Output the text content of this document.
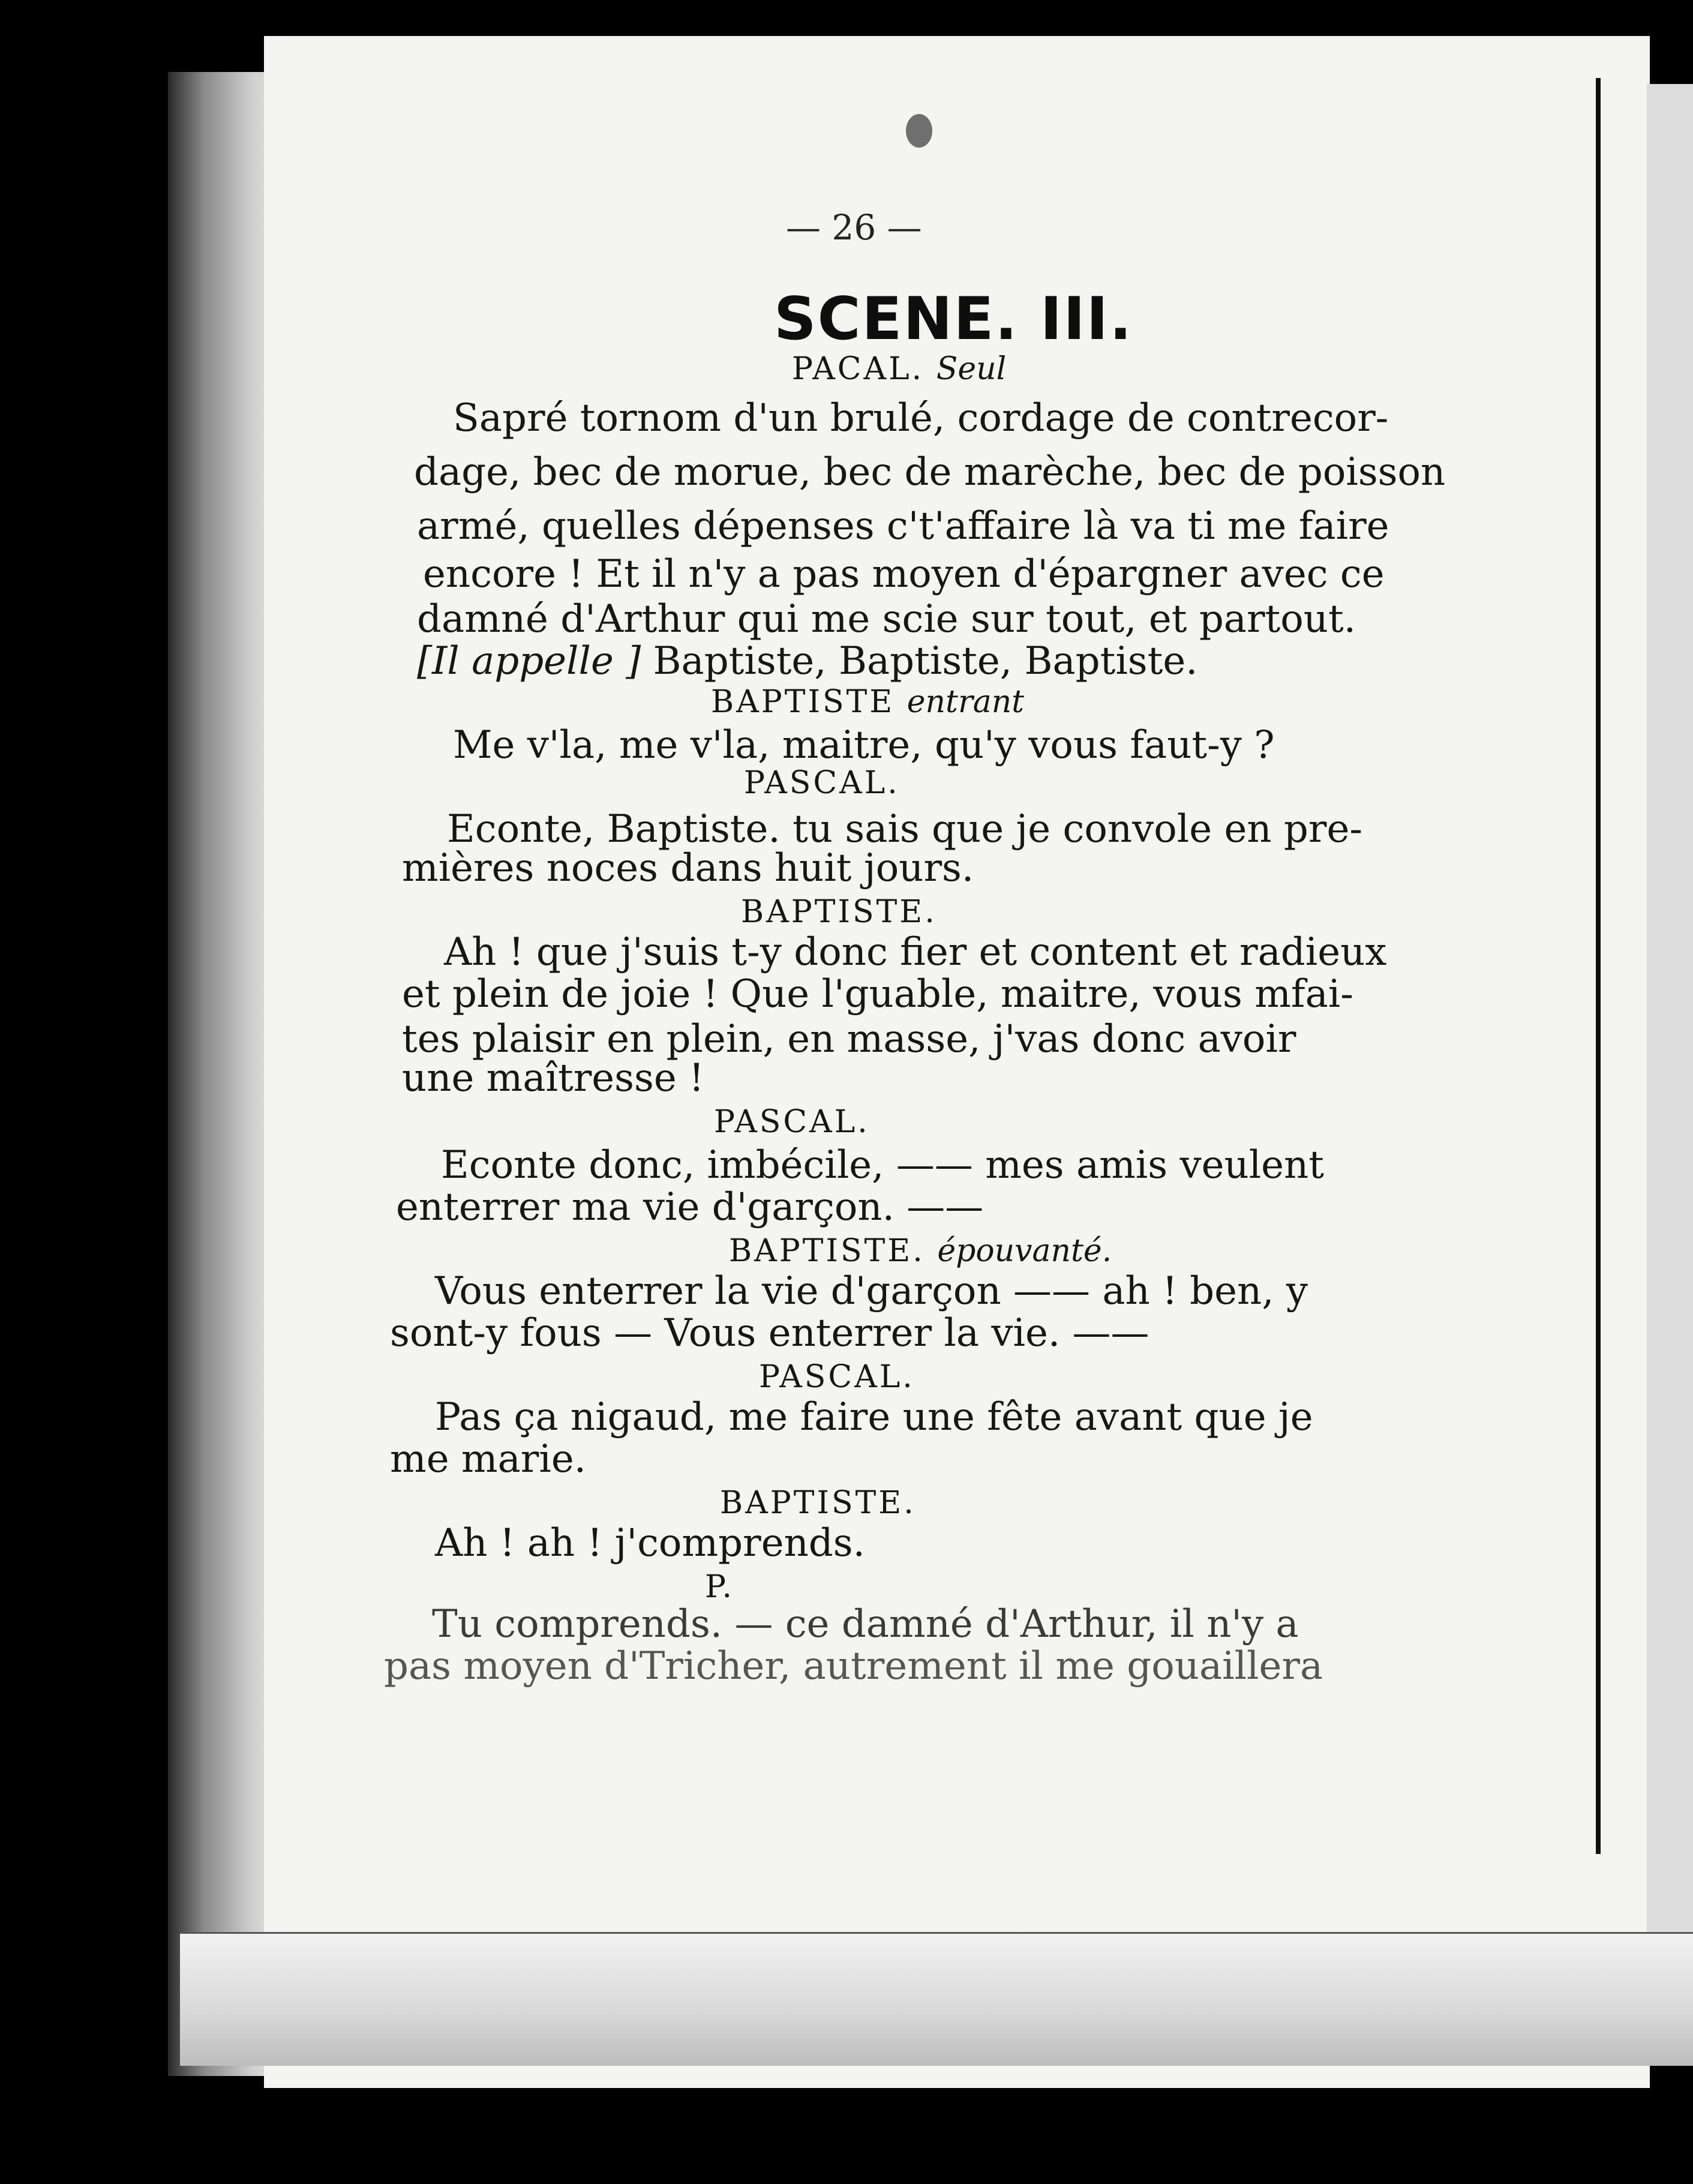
— 26 —
SCENE. III.
PACAL. Seul
Sapré tornom d'un brulé, cordage de contrecor-
dage, bec de morue, bec de marèche, bec de poisson
armé, quelles dépenses c't'affaire là va ti me faire
encore ! Et il n'y a pas moyen d'épargner avec ce
damné d'Arthur qui me scie sur tout, et partout.
[Il appelle ] Baptiste, Baptiste, Baptiste.
BAPTISTE entrant
Me v'la, me v'la, maitre, qu'y vous faut-y ?
PASCAL.
Econte, Baptiste. tu sais que je convole en pre-
mières noces dans huit jours.
BAPTISTE.
Ah ! que j'suis t-y donc fier et content et radieux
et plein de joie ! Que l'guable, maitre, vous mfai-
tes plaisir en plein, en masse, j'vas donc avoir
une maîtresse !
PASCAL.
Econte donc, imbécile, —— mes amis veulent
enterrer ma vie d'garçon. ——
BAPTISTE. épouvanté.
Vous enterrer la vie d'garçon —— ah ! ben, y
sont-y fous — Vous enterrer la vie. ——
PASCAL.
Pas ça nigaud, me faire une fête avant que je
me marie.
BAPTISTE.
Ah ! ah ! j'comprends.
P.
Tu comprends. — ce damné d'Arthur, il n'y a
pas moyen d'Tricher, autrement il me gouaillera
